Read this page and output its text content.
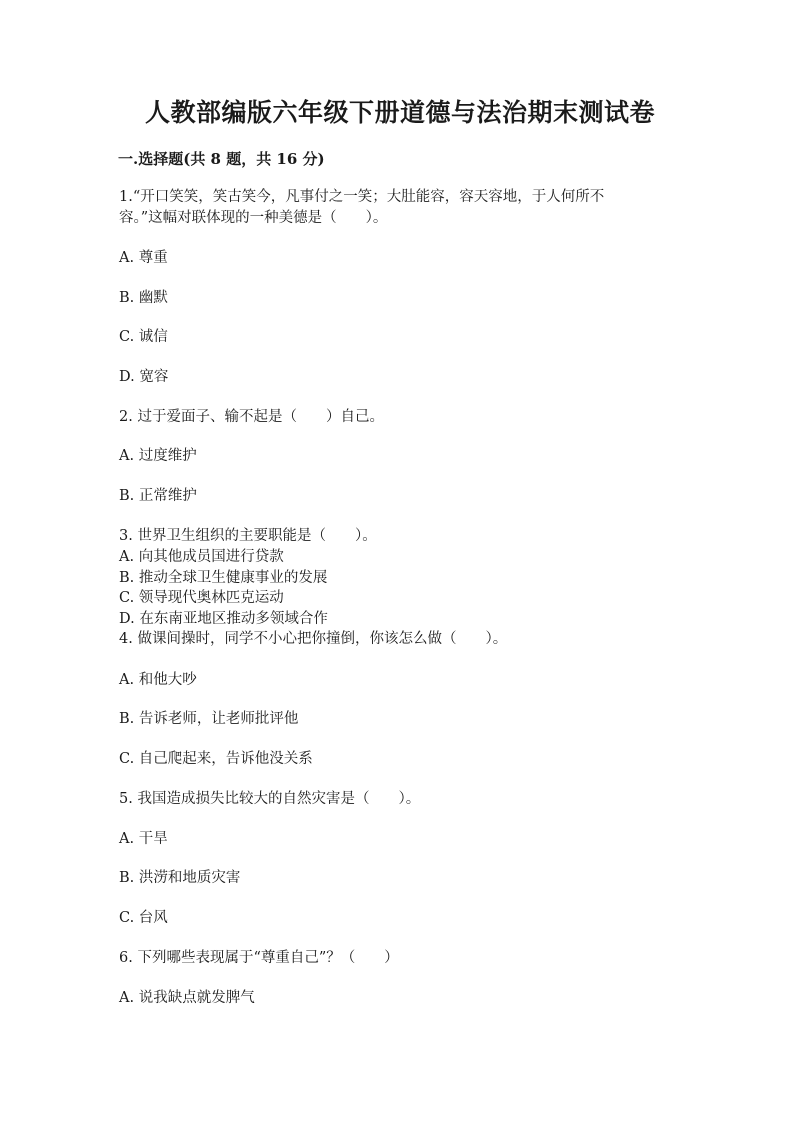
人教部编版六年级下册道德与法治期末测试卷
一.选择题(共 8 题，共 16 分)
1.“开口笑笑，笑古笑今，凡事付之一笑；大肚能容，容天容地，于人何所不
容。”这幅对联体现的一种美德是（　　）。
A. 尊重
B. 幽默
C. 诚信
D. 宽容
2. 过于爱面子、输不起是（　　）自己。
A. 过度维护
B. 正常维护
3. 世界卫生组织的主要职能是（　　）。
A. 向其他成员国进行贷款
B. 推动全球卫生健康事业的发展
C. 领导现代奥林匹克运动
D. 在东南亚地区推动多领域合作
4. 做课间操时，同学不小心把你撞倒，你该怎么做（　　）。
A. 和他大吵
B. 告诉老师，让老师批评他
C. 自己爬起来，告诉他没关系
5. 我国造成损失比较大的自然灾害是（　　）。
A. 干旱
B. 洪涝和地质灾害
C. 台风
6. 下列哪些表现属于“尊重自己”？（　　）
A. 说我缺点就发脾气
